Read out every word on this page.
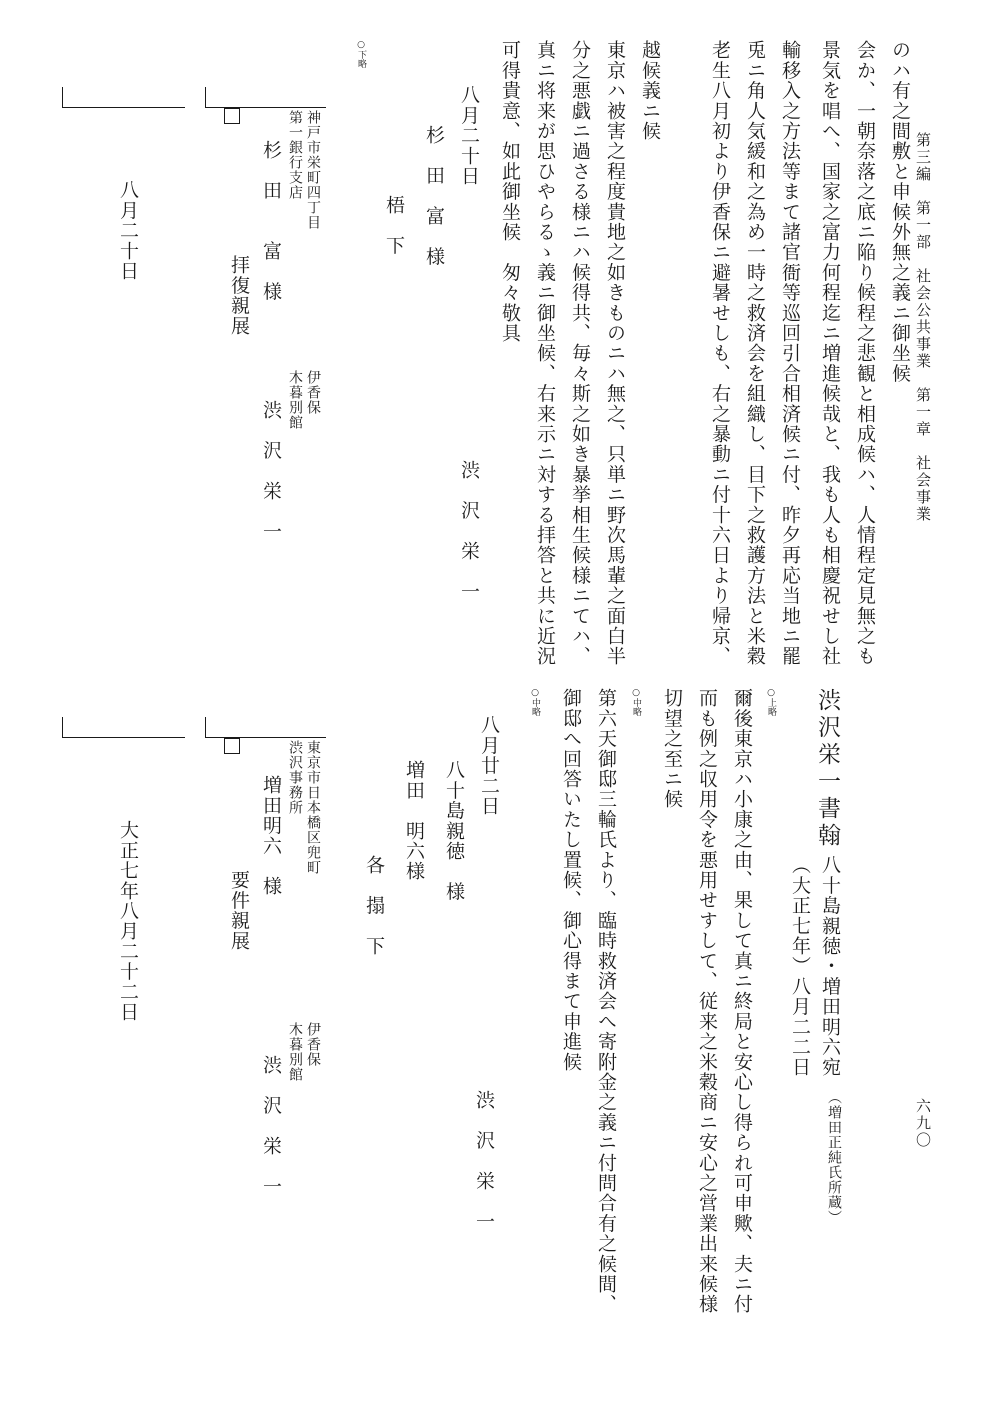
第三編　第一部　社会公共事業　第一章　社会事業
六九〇
景気を唱へ、国家之富力何程迄ニ増進候哉と、我も人も相慶祝せし社 会か、一朝奈落之底ニ陥り候程之悲観と相成候ハ、人情程定見無之も のハ有之間敷と申候外無之義ニ御坐候
老生八月初より伊香保ニ避暑せしも、右之暴動ニ付十六日より帰京、 兎ニ角人気緩和之為め一時之救済会を組織し、目下之救護方法と米穀 輸移入之方法等まて諸官衙等巡回引合相済候ニ付、昨夕再応当地ニ罷
越候義ニ候
東京ハ被害之程度貴地之如きものニハ無之、只単ニ野次馬輩之面白半
分之悪戯ニ過さる様ニハ候得共、毎々斯之如き暴挙相生候様ニてハ、
真ニ将来が思ひやらるゝ義ニ御坐候、右来示ニ対する拝答と共に近況
可得貴意、如此御坐候　匆々敬具
八月二十日
渋　沢　栄　一
杉　田　富　様
梧　下
○下略
神戸市栄町四丁目
第一銀行支店
杉　田　　富　様
拝復親展
伊香保
木暮別館
渋　沢　栄　一
八月二十日
渋沢栄一書翰
八十島親徳・増田明六宛
（増田正純氏所蔵）
（大正七年）八月二二日
○上略
爾後東京ハ小康之由、果して真ニ終局と安心し得られ可申歟、夫ニ付
而も例之収用令を悪用せすして、従来之米穀商ニ安心之営業出来候様
切望之至ニ候
○中略
第六天御邸三輪氏より、臨時救済会へ寄附金之義ニ付問合有之候間、
御邸へ回答いたし置候、御心得まて申進候
○中略
八月廿二日
渋　沢　栄　一
八十島親徳　様
増田　明六様
各　搨　下
東京市日本橋区兜町
渋沢事務所
増田明六　様
要件親展
伊香保
木暮別館
渋　沢　栄　一
大正七年八月二十二日
